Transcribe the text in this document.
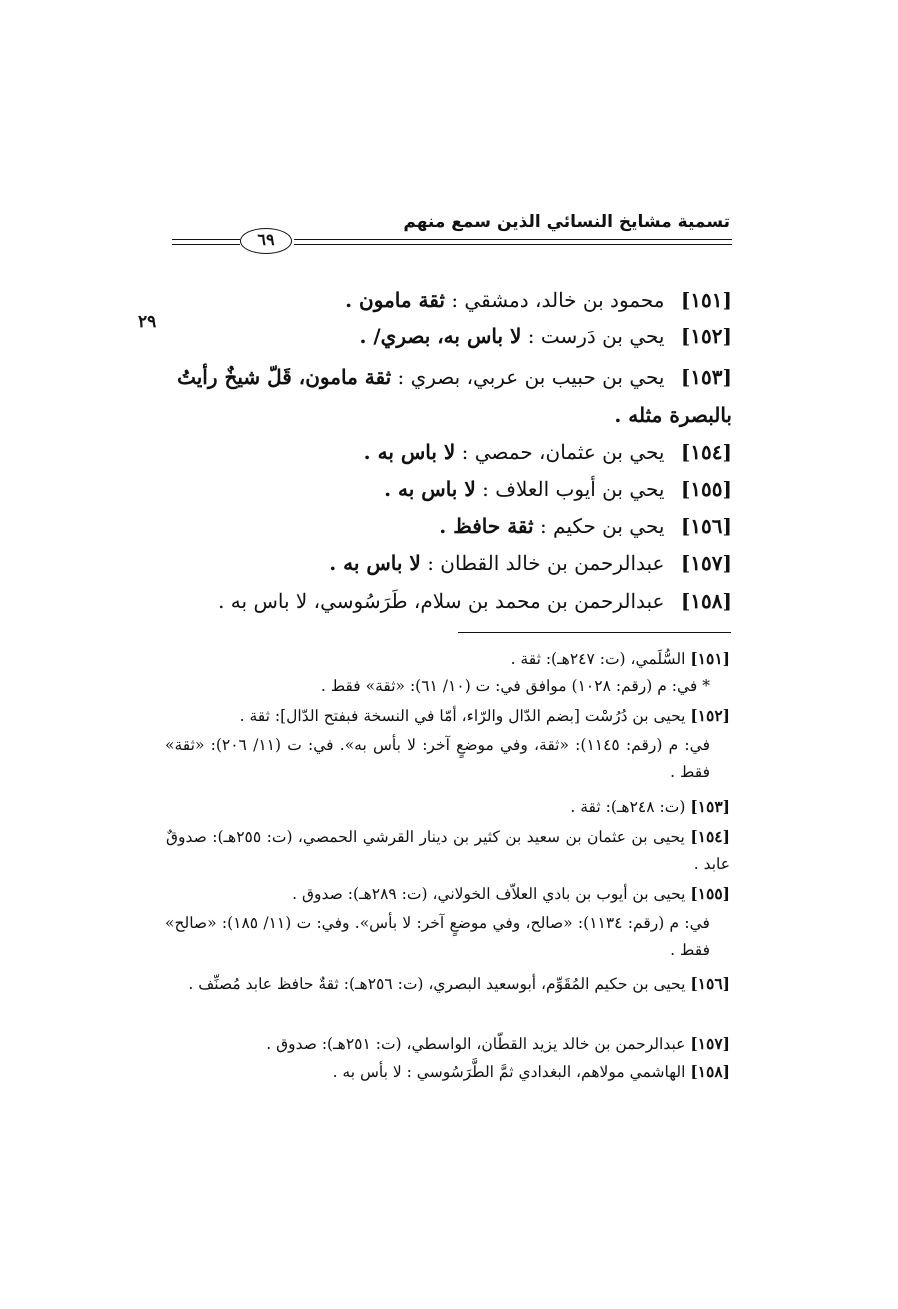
تسمية مشايخ النسائي الذين سمع منهم
٦٩
٢٩
[١٥١] محمود بن خالد، دمشقي : ثقة مامون .
[١٥٢] يحي بن دَرست : لا باس به، بصري/ .
[١٥٣] يحي بن حبيب بن عربي، بصري : ثقة مامون، قَلّ شيخٌ رأيتُ بالبصرة مثله .
[١٥٤] يحي بن عثمان، حمصي : لا باس به .
[١٥٥] يحي بن أيوب العلاف : لا باس به .
[١٥٦] يحي بن حكيم : ثقة حافظ .
[١٥٧] عبدالرحمن بن خالد القطان : لا باس به .
[١٥٨] عبدالرحمن بن محمد بن سلام، طَرَسُوسي، لا باس به .
[١٥١] السُّلَمي، (ت: ٢٤٧هـ): ثقة .
* في: م (رقم: ١٠٢٨) موافق في: ت (١٠/ ٦١): «ثقة» فقط .
[١٥٢] يحيى بن دُرُسْت [بضم الدّال والرّاء، أمّا في النسخة فبفتح الدّال]: ثقة .
في: م (رقم: ١١٤٥): «ثقة، وفي موضعٍ آخر: لا بأس به». في: ت (١١/ ٢٠٦): «ثقة» فقط .
[١٥٣] (ت: ٢٤٨هـ): ثقة .
[١٥٤] يحيى بن عثمان بن سعيد بن كثير بن دينار القرشي الحمصي، (ت: ٢٥٥هـ): صدوقٌ عابد .
[١٥٥] يحيى بن أيوب بن بادي العلاّف الخولاني، (ت: ٢٨٩هـ): صدوق .
في: م (رقم: ١١٣٤): «صالح، وفي موضعٍ آخر: لا بأس». وفي: ت (١١/ ١٨٥): «صالح» فقط .
[١٥٦] يحيى بن حكيم المُقَوِّم، أبوسعيد البصري، (ت: ٢٥٦هـ): ثقةٌ حافظ عابد مُصنِّف .
[١٥٧] عبدالرحمن بن خالد يزيد القطّان، الواسطي، (ت: ٢٥١هـ): صدوق .
[١٥٨] الهاشمي مولاهم، البغدادي ثمَّ الطَّرَسُوسي : لا بأس به .
